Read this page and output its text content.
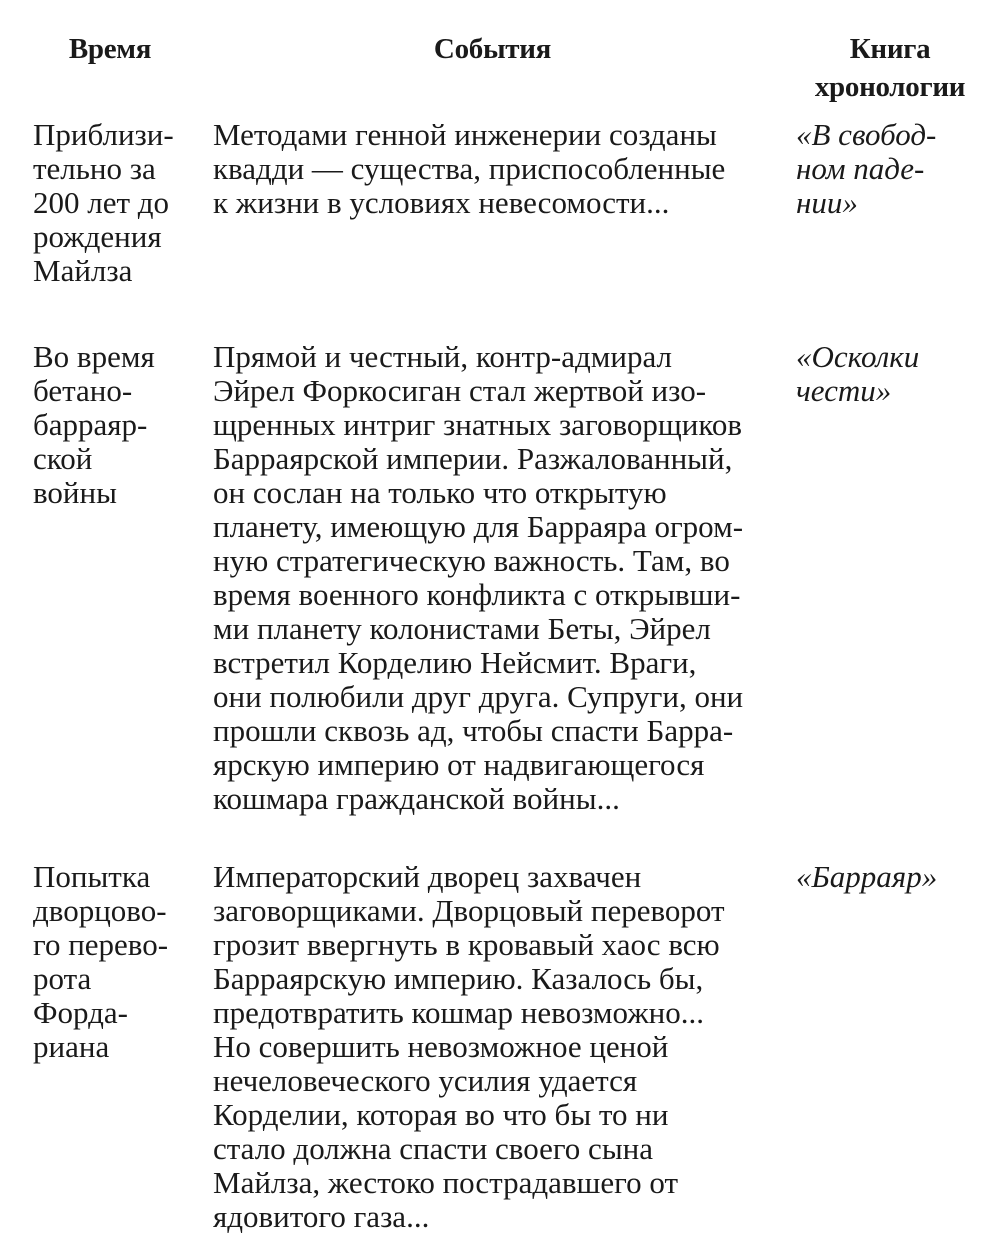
Время	События	Книга
хронологии

Приблизи-
тельно за
200 лет до
рождения
Майлза

Методами генной инженерии созданы
квадди — существа, приспособленные
к жизни в условиях невесомости...

«В свобод-
ном паде-
нии»

Во время
бетано-
барраяр-
ской
войны

Прямой и честный, контр-адмирал
Эйрел Форкосиган стал жертвой изо-
щренных интриг знатных заговорщиков
Барраярской империи. Разжалованный,
он сослан на только что открытую
планету, имеющую для Барраяра огром-
ную стратегическую важность. Там, во
время военного конфликта с открывши-
ми планету колонистами Беты, Эйрел
встретил Корделию Нейсмит. Враги,
они полюбили друг друга. Супруги, они
прошли сквозь ад, чтобы спасти Барра-
ярскую империю от надвигающегося
кошмара гражданской войны...

«Осколки
чести»

Попытка
дворцово-
го перево-
рота
Форда-
риана

Императорский дворец захвачен
заговорщиками. Дворцовый переворот
грозит ввергнуть в кровавый хаос всю
Барраярскую империю. Казалось бы,
предотвратить кошмар невозможно...
Но совершить невозможное ценой
нечеловеческого усилия удается
Корделии, которая во что бы то ни
стало должна спасти своего сына
Майлза, жестоко пострадавшего от
ядовитого газа...

«Барраяр»
